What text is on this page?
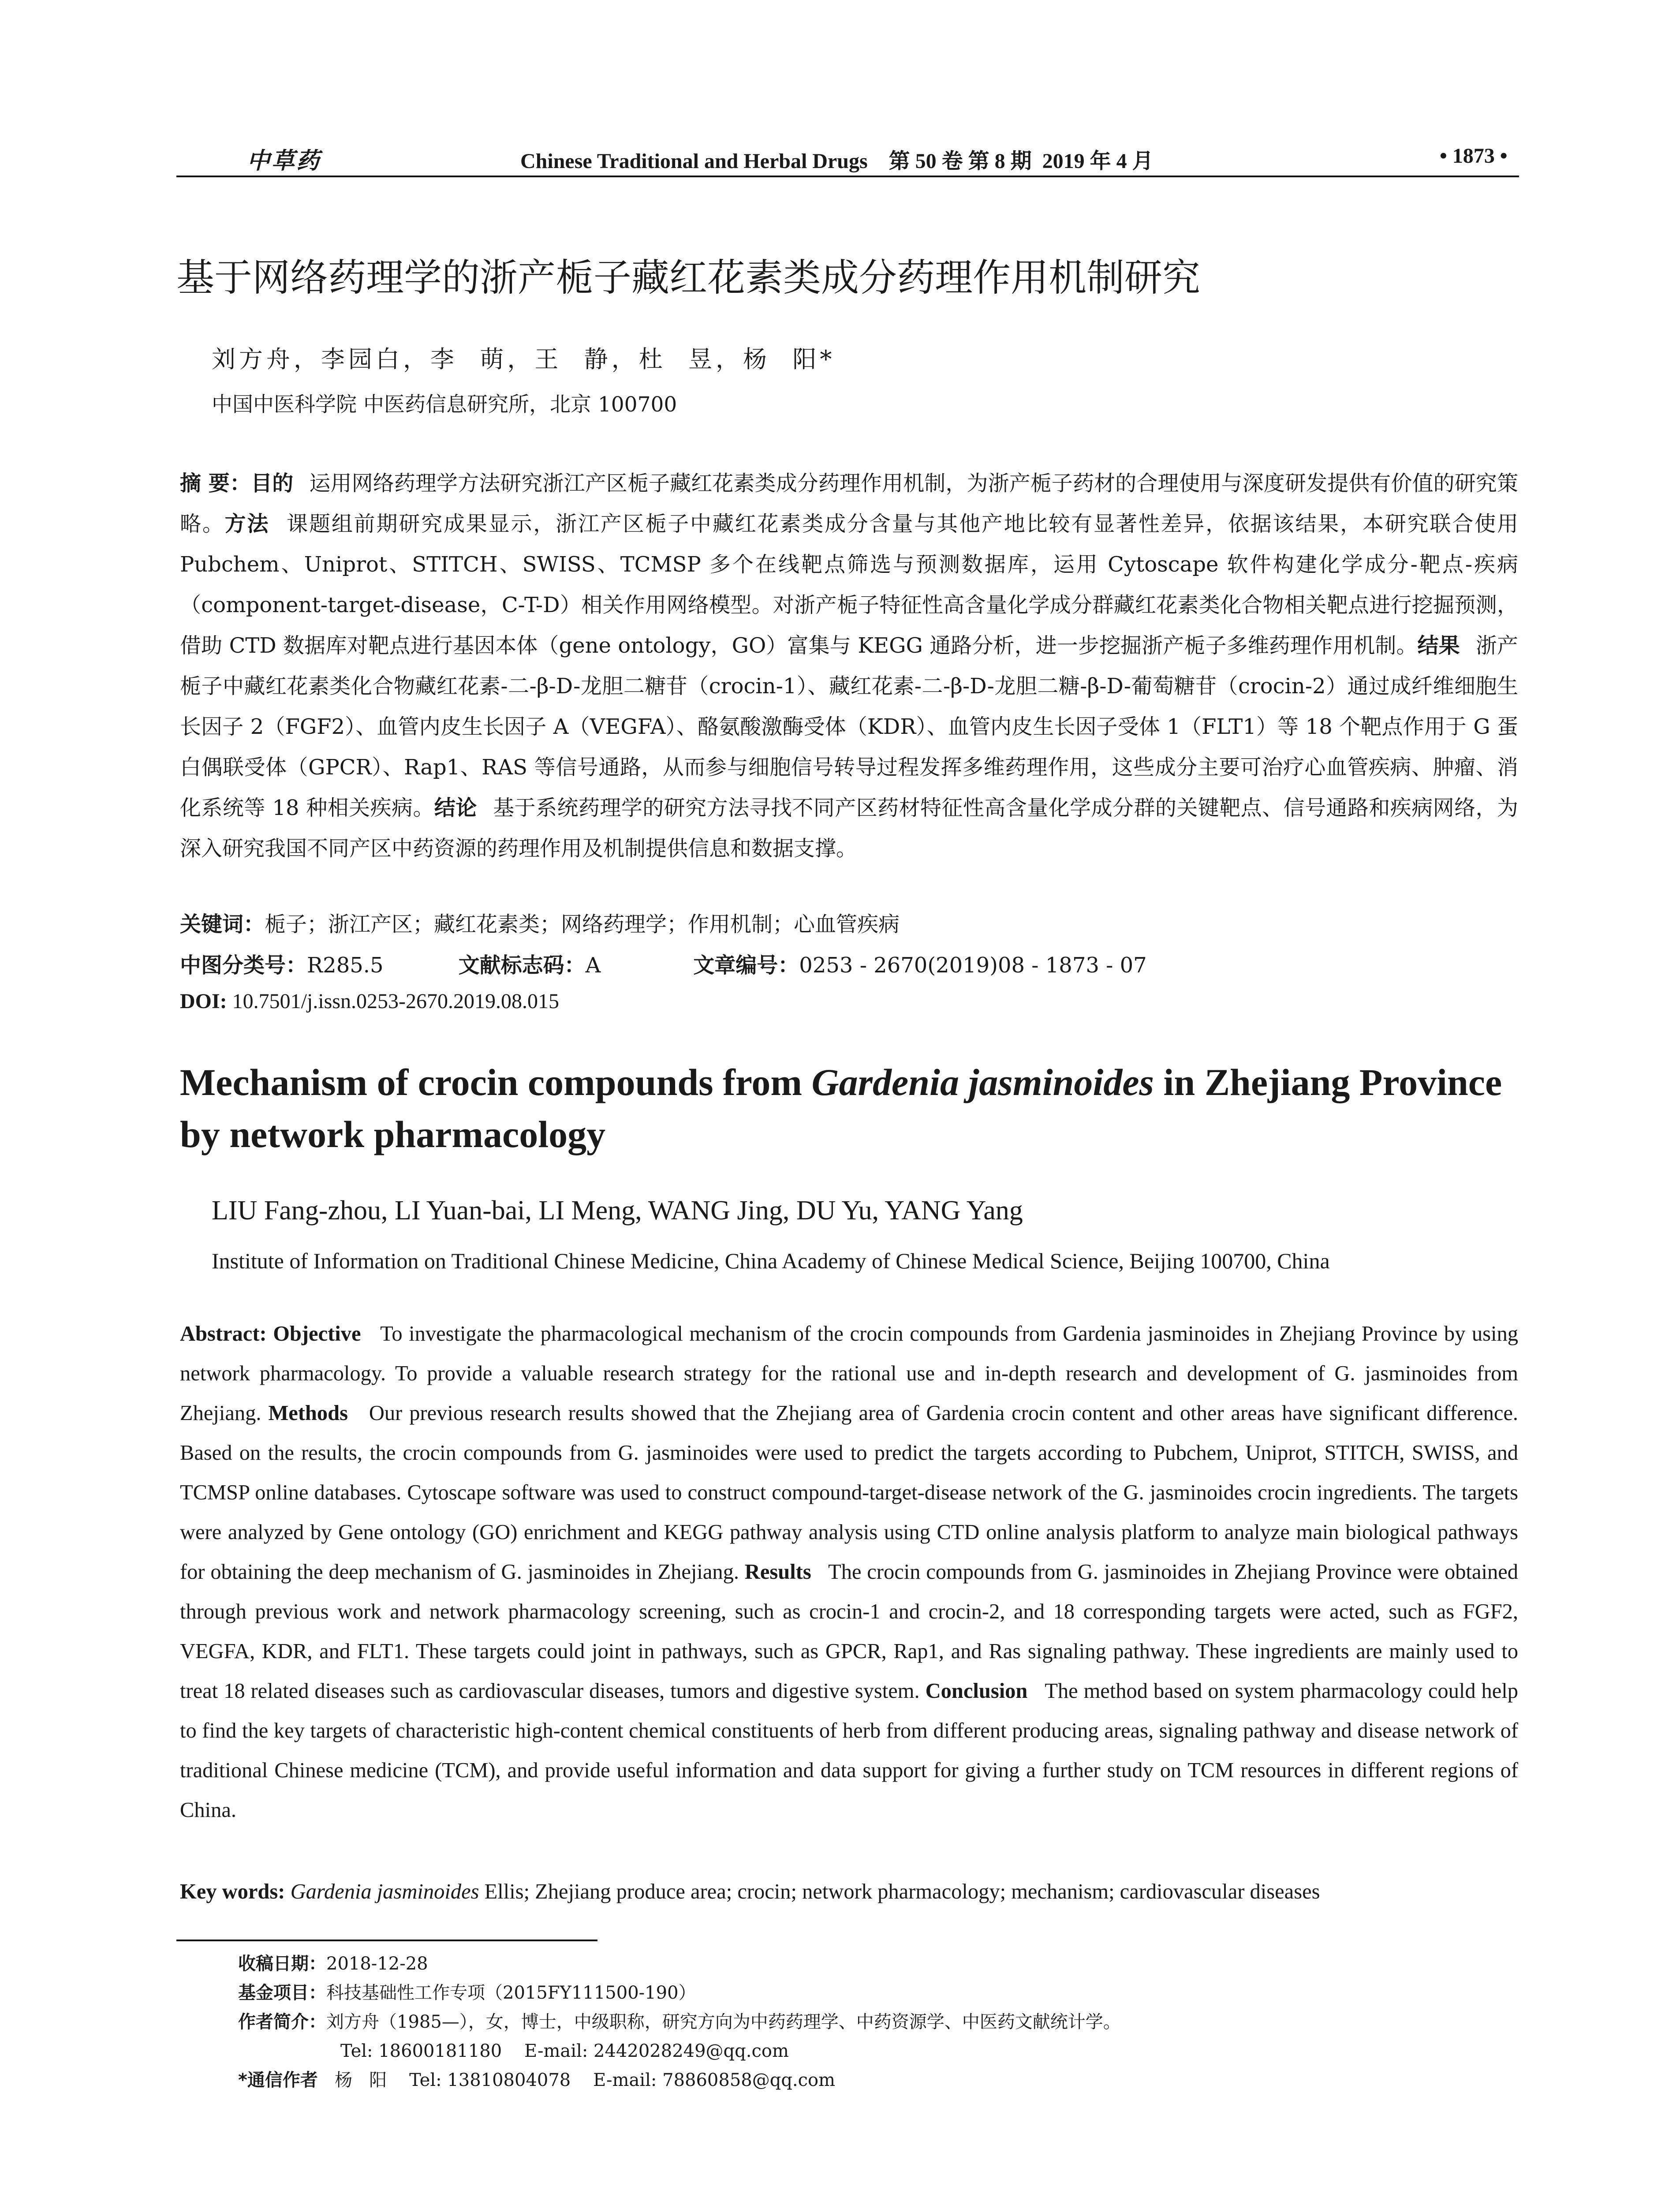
中草药	Chinese Traditional and Herbal Drugs    第 50 卷 第 8 期  2019 年 4 月	• 1873 •
基于网络药理学的浙产栀子藏红花素类成分药理作用机制研究
刘方舟，李园白，李  萌，王  静，杜  昱，杨  阳*
中国中医科学院 中医药信息研究所，北京 100700
摘 要：目的 运用网络药理学方法研究浙江产区栀子藏红花素类成分药理作用机制，为浙产栀子药材的合理使用与深度研发提供有价值的研究策略。方法 课题组前期研究成果显示，浙江产区栀子中藏红花素类成分含量与其他产地比较有显著性差异，依据该结果，本研究联合使用 Pubchem、Uniprot、STITCH、SWISS、TCMSP 多个在线靶点筛选与预测数据库，运用 Cytoscape 软件构建化学成分-靶点-疾病（component-target-disease，C-T-D）相关作用网络模型。对浙产栀子特征性高含量化学成分群藏红花素类化合物相关靶点进行挖掘预测，借助 CTD 数据库对靶点进行基因本体（gene ontology，GO）富集与 KEGG 通路分析，进一步挖掘浙产栀子多维药理作用机制。结果 浙产栀子中藏红花素类化合物藏红花素-二-β-D-龙胆二糖苷（crocin-1）、藏红花素-二-β-D-龙胆二糖-β-D-葡萄糖苷（crocin-2）通过成纤维细胞生长因子 2（FGF2）、血管内皮生长因子 A（VEGFA）、酪氨酸激酶受体（KDR）、血管内皮生长因子受体 1（FLT1）等 18 个靶点作用于 G 蛋白偶联受体（GPCR）、Rap1、RAS 等信号通路，从而参与细胞信号转导过程发挥多维药理作用，这些成分主要可治疗心血管疾病、肿瘤、消化系统等 18 种相关疾病。结论 基于系统药理学的研究方法寻找不同产区药材特征性高含量化学成分群的关键靶点、信号通路和疾病网络，为深入研究我国不同产区中药资源的药理作用及机制提供信息和数据支撑。
关键词：栀子；浙江产区；藏红花素类；网络药理学；作用机制；心血管疾病
中图分类号：R285.5	文献标志码：A	文章编号：0253 - 2670(2019)08 - 1873 - 07
DOI: 10.7501/j.issn.0253-2670.2019.08.015
Mechanism of crocin compounds from Gardenia jasminoides in Zhejiang Province by network pharmacology
LIU Fang-zhou, LI Yuan-bai, LI Meng, WANG Jing, DU Yu, YANG Yang
Institute of Information on Traditional Chinese Medicine, China Academy of Chinese Medical Science, Beijing 100700, China
Abstract: Objective To investigate the pharmacological mechanism of the crocin compounds from Gardenia jasminoides in Zhejiang Province by using network pharmacology. To provide a valuable research strategy for the rational use and in-depth research and development of G. jasminoides from Zhejiang. Methods Our previous research results showed that the Zhejiang area of Gardenia crocin content and other areas have significant difference. Based on the results, the crocin compounds from G. jasminoides were used to predict the targets according to Pubchem, Uniprot, STITCH, SWISS, and TCMSP online databases. Cytoscape software was used to construct compound-target-disease network of the G. jasminoides crocin ingredients. The targets were analyzed by Gene ontology (GO) enrichment and KEGG pathway analysis using CTD online analysis platform to analyze main biological pathways for obtaining the deep mechanism of G. jasminoides in Zhejiang. Results The crocin compounds from G. jasminoides in Zhejiang Province were obtained through previous work and network pharmacology screening, such as crocin-1 and crocin-2, and 18 corresponding targets were acted, such as FGF2, VEGFA, KDR, and FLT1. These targets could joint in pathways, such as GPCR, Rap1, and Ras signaling pathway. These ingredients are mainly used to treat 18 related diseases such as cardiovascular diseases, tumors and digestive system. Conclusion The method based on system pharmacology could help to find the key targets of characteristic high-content chemical constituents of herb from different producing areas, signaling pathway and disease network of traditional Chinese medicine (TCM), and provide useful information and data support for giving a further study on TCM resources in different regions of China.
Key words: Gardenia jasminoides Ellis; Zhejiang produce area; crocin; network pharmacology; mechanism; cardiovascular diseases
收稿日期：2018-12-28
基金项目：科技基础性工作专项（2015FY111500-190）
作者简介：刘方舟（1985—），女，博士，中级职称，研究方向为中药药理学、中药资源学、中医药文献统计学。
Tel: 18600181180    E-mail: 2442028249@qq.com
*通信作者 杨   阳    Tel: 13810804078    E-mail: 78860858@qq.com
